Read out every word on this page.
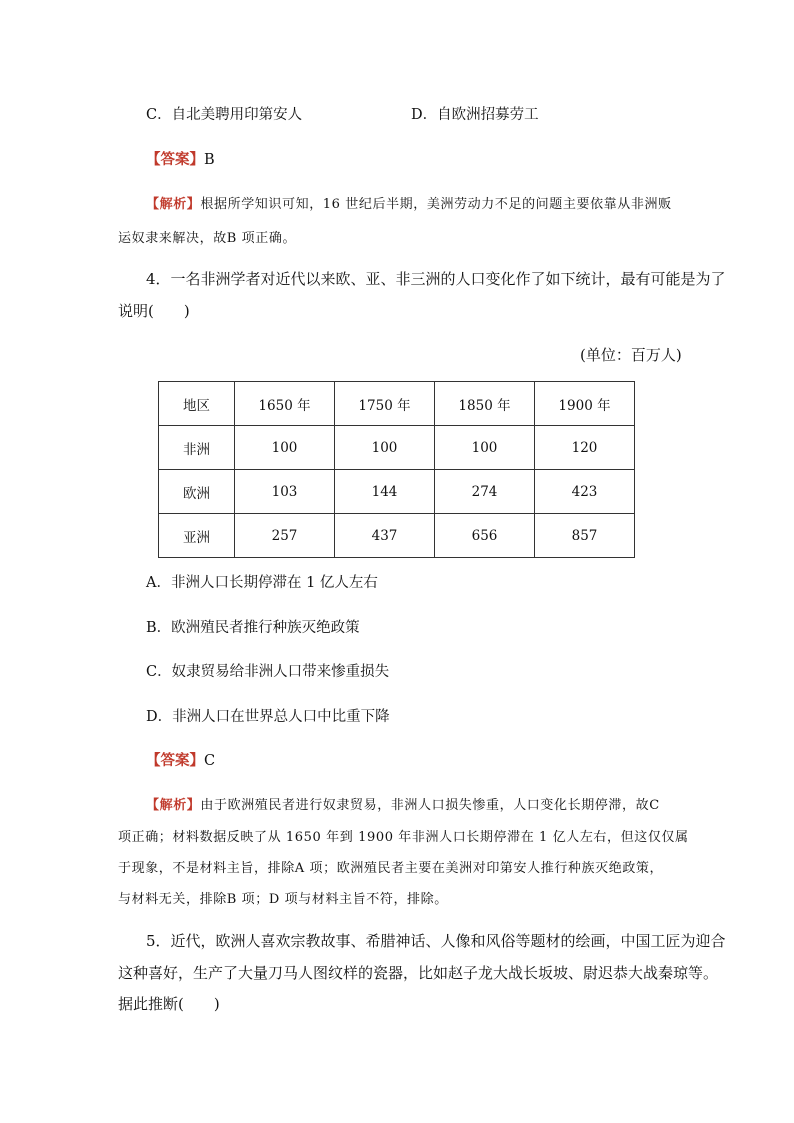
C．自北美聘用印第安人	D．自欧洲招募劳工
【答案】B
【解析】根据所学知识可知，16 世纪后半期，美洲劳动力不足的问题主要依靠从非洲贩
运奴隶来解决，故B 项正确。
4．一名非洲学者对近代以来欧、亚、非三洲的人口变化作了如下统计，最有可能是为了
说明(　　)
(单位：百万人)
地区	1650 年	1750 年	1850 年	1900 年
非洲	100	100	100	120
欧洲	103	144	274	423
亚洲	257	437	656	857
A．非洲人口长期停滞在 1 亿人左右
B．欧洲殖民者推行种族灭绝政策
C．奴隶贸易给非洲人口带来惨重损失
D．非洲人口在世界总人口中比重下降
【答案】C
【解析】由于欧洲殖民者进行奴隶贸易，非洲人口损失惨重，人口变化长期停滞，故C
项正确；材料数据反映了从 1650 年到 1900 年非洲人口长期停滞在 1 亿人左右，但这仅仅属
于现象，不是材料主旨，排除A 项；欧洲殖民者主要在美洲对印第安人推行种族灭绝政策，
与材料无关，排除B 项；D 项与材料主旨不符，排除。
5．近代，欧洲人喜欢宗教故事、希腊神话、人像和风俗等题材的绘画，中国工匠为迎合
这种喜好，生产了大量刀马人图纹样的瓷器，比如赵子龙大战长坂坡、尉迟恭大战秦琼等。
据此推断(　　)
